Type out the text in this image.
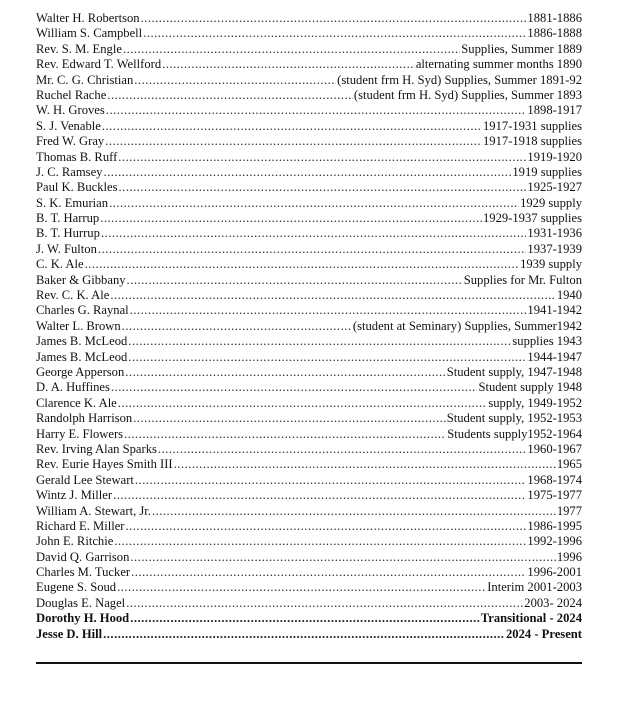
Walter H. Robertson .....	1881-1886
William S. Campbell .....	1886-1888
Rev. S. M. Engle .....	Supplies, Summer 1889
Rev. Edward T. Wellford .....	alternating summer months 1890
Mr. C. G. Christian .....	(student frm H. Syd) Supplies, Summer 1891-92
Ruchel Rache .....	(student frm H. Syd) Supplies, Summer 1893
W. H. Groves .....	1898-1917
S. J. Venable .....	1917-1931 supplies
Fred W. Gray .....	1917-1918 supplies
Thomas B. Ruff .....	1919-1920
J. C. Ramsey .....	1919 supplies
Paul K. Buckles .....	1925-1927
S. K. Emurian .....	1929 supply
B. T. Harrup .....	1929-1937 supplies
B. T. Hurrup .....	1931-1936
J. W. Fulton .....	1937-1939
C. K. Ale .....	1939 supply
Baker & Gibbany .....	Supplies for Mr. Fulton
Rev. C. K. Ale .....	1940
Charles G. Raynal .....	1941-1942
Walter L. Brown .....	(student at Seminary) Supplies, Summer1942
James B. McLeod .....	supplies 1943
James B. McLeod .....	1944-1947
George Apperson .....	Student supply, 1947-1948
D. A. Huffines .....	Student supply 1948
Clarence K. Ale .....	supply, 1949-1952
Randolph Harrison .....	Student supply, 1952-1953
Harry E. Flowers .....	Students supply1952-1964
Rev. Irving Alan Sparks .....	1960-1967
Rev. Eurie Hayes Smith III .....	1965
Gerald Lee Stewart .....	1968-1974
Wintz J. Miller .....	1975-1977
William A. Stewart, Jr. .....	1977
Richard E. Miller .....	1986-1995
John E. Ritchie .....	1992-1996
David Q. Garrison .....	1996
Charles M. Tucker .....	1996-2001
Eugene S. Soud .....	Interim 2001-2003
Douglas E. Nagel .....	2003- 2024
Dorothy H. Hood .....	Transitional - 2024
Jesse D. Hill .....	2024 - Present
